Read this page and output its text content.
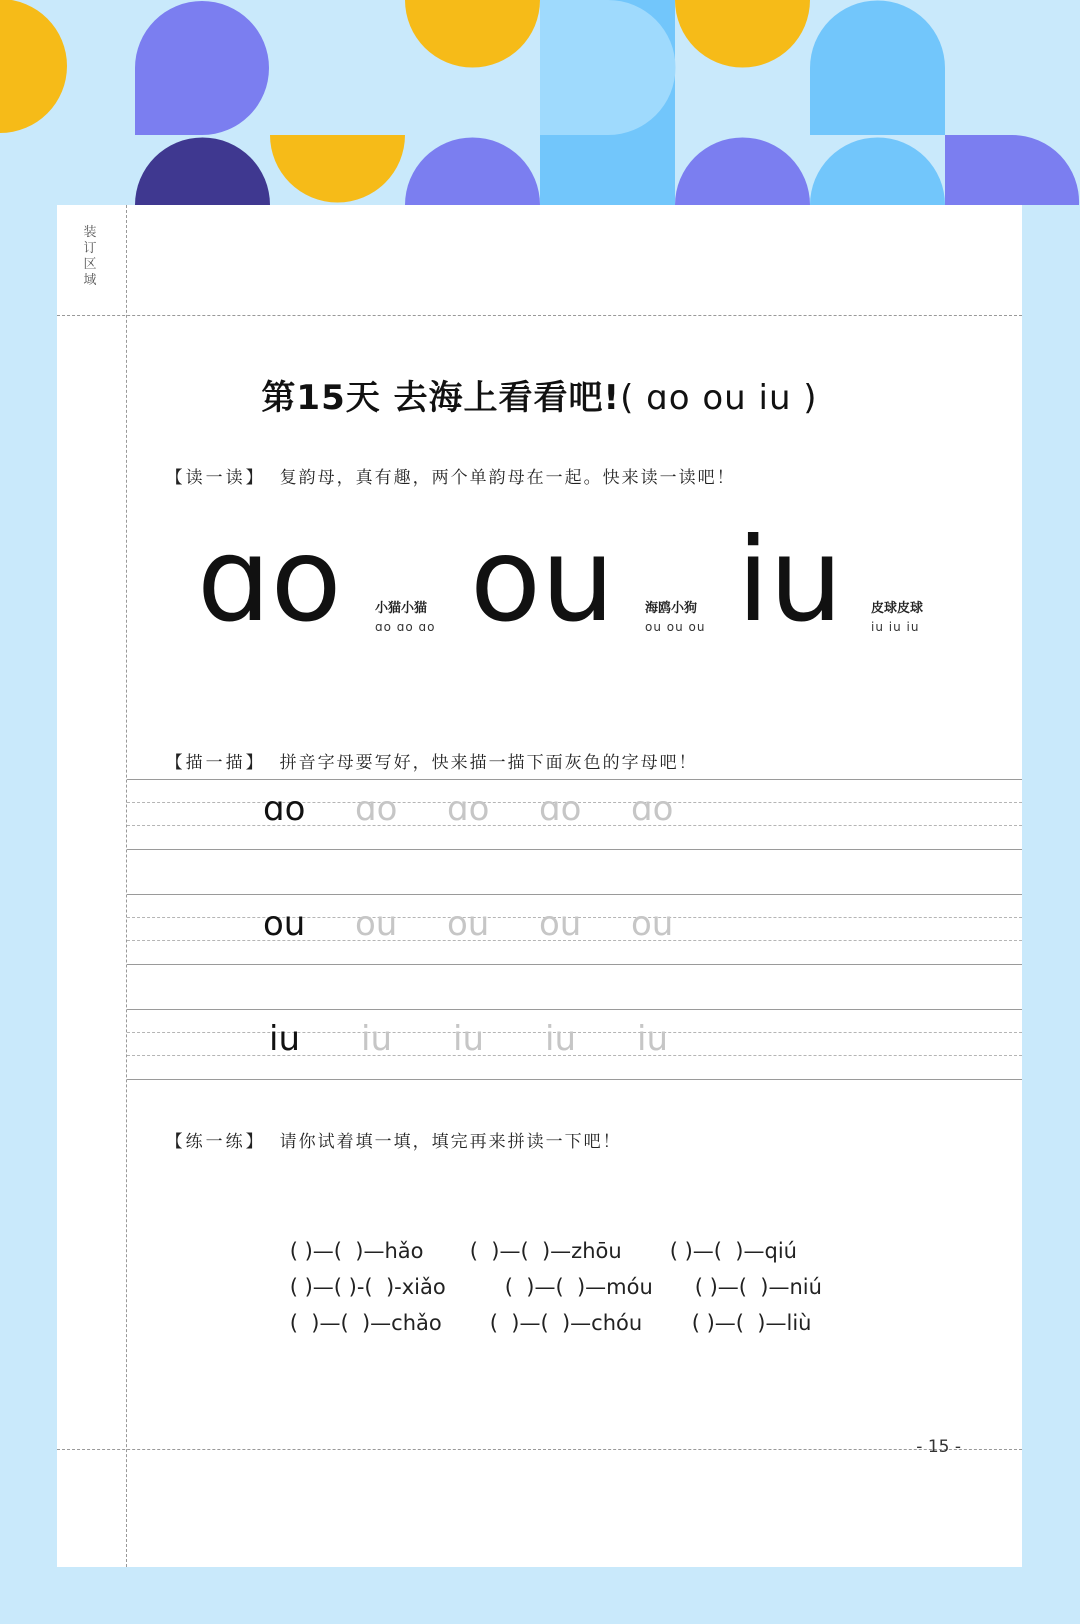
装
订
区
域
第15天 去海上看看吧!( ɑo ou iu )

【读一读】 复韵母，真有趣，两个单韵母在一起。快来读一读吧！

ɑo	小猫小猫
ɑo ɑo ɑo ou 海鸥小狗
ou ou ou iu 皮球皮球
iu iu iu

【描一描】 拼音字母要写好，快来描一描下面灰色的字母吧！

ɑo ɑo ɑo ɑo ɑo
ou ou ou ou ou
iu iu iu iu iu

【练一练】 请你试着填一填，填完再来拼读一下吧！

( )—(  )—hǎo (  )—(  )—zhōu ( )—(  )—qiú

( )—( )-(  )-xiǎo	(  )—(  )—móu ( )—(  )—niú

(  )—(  )—chǎo (  )—(  )—chóu ( )—(  )—liù

- 15 -
